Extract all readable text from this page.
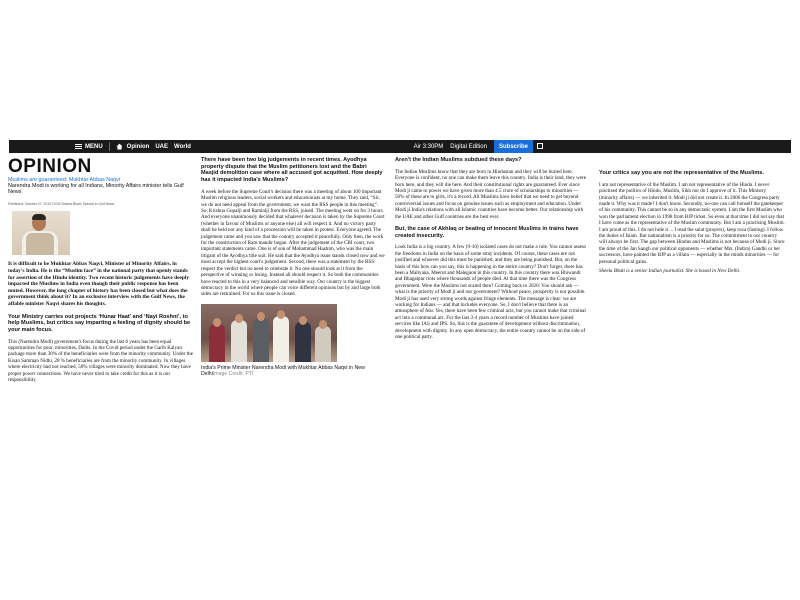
MENU	Opinion UAE World	Air 3:30PM Digital Edition	Subscribe
OPINION
Muslims are guaranteed: Mukhtar Abbas Naqvi
Narendra Modi is working for all Indians, Minority Affairs minister tells Gulf News
Published: October 07, 2019 19:03 Sheela Bhatt, Special to Gulf News

It is difficult to be Mukhtar Abbas Naqvi, Minister of Minority Affairs, in today's India. He is the “Muslim face” in the national party that openly stands for assertion of the Hindu identity. Two recent historic judgements have deeply impacted the Muslims in India even though their public response has been muted. However, the long chapter of history has been closed but what does the government think about it? In an exclusive interview with the Gulf News, the affable minister Naqvi shares his thoughts.

Your Ministry carries out projects ‘Hunar Haat’ and ‘Nayi Roshni’, to help Muslims, but critics say imparting a feeling of dignity should be your main focus.

This (Narendra Modi) government's focus during the last 6 years has been equal opportunities for poor, minorities, Dalits. In the Covid period under the Garib Kalyan package more than 30% of the beneficiaries were from the minority community. Under the Kisan Samman Nidhi, 28 % beneficiaries are from the minority community. In villages where electricity had not reached, 50% villages were minority dominated. Now they have proper power connections. We have never tried to take credit for this as it is our responsibility.

There have been two big judgements in recent times. Ayodhya property dispute that the Muslim petitioners lost and the Babri Masjid demolition case where all accused got acquitted. How deeply has it impacted India's Muslims?

A week before the Supreme Court's decision there was a meeting of about 100 important Muslim religious leaders, social workers and educationists at my home. They said, “Sir, we do not need appeal from the government, we want the RSS people in this meeting”. So, Krishna Gopalji and Ramlalji from the RSS, joined. The meeting went on for 3 hours. And everyone unanimously decided that whatever decision is taken by the Supreme Court (whether in favour of Muslims or anyone else) all will respect it. And no victory party shall be held nor any kind of a procession will be taken in protest. Everyone agreed. The judgement came and you saw that the country accepted it peacefully. Only then, the work for the construction of Ram mandir began. After the judgement of the CBI court, two important statements came. One is of son of Mohammad Hashim, who was the main litigant of the Ayodhya title suit. He said that the Ayodhya issue stands closed now and we must accept the highest court's judgement. Second, there was a statement by the RSS: respect the verdict but no need to celebrate it. No one should look at it from the perspective of winning or losing. Instead all should respect it. So both the communities have reacted to this in a very balanced and sensible way. Our country is the biggest democracy in the world where people can voice different opinions but by and large both sides are restrained. For us this issue is closed.

India's Prime Minister Narendra Modi with Mukhtar Abbas Naqvi in New DelhiImage Credit: PTI
Aren't the Indian Muslims subdued these days?

The Indian Muslims know that they are born in Hindustan and they will be buried here. Everyone is confident, no one can make them leave this country. India is their land, they were born here, and they will die here. And their constitutional rights are guaranteed. Ever since Modi ji came to power we have given more than 4.5 crore of scholarships to minorities — 50% of these are to girls, it's a record. All Muslims have belief that we need to get beyond controversial issues and focus on genuine issues such as employment and education. Under Modi ji India's relations with all Islamic countries have become better. Our relationship with the UAE and other Gulf countries are the best ever.

But, the case of Akhlaq or beating of innocent Muslims in trains have created insecurity.

Look India is a big country. A few (9-10) isolated cases do not make a rule. You cannot assess the freedoms in India on the basis of some stray incidents. Of course, these cases are not justified and whoever did this must be punished, and they are being punished. But, on the basis of this how can you say, this is happening in the entire country? Don't forget, there has been a Maliyana, Meerut and Malegaon in this country. In this country there was Bhiwandi and Bhagalpur riots where thousands of people died. At that time there was the Congress government. Were the Muslims not scared then? Coming back to 2020: You should ask — what is the priority of Modi ji and our government? Without peace, prosperity is not possible. Modi ji has used very strong words against fringe elements. The message is clear: we are working for Indians — and that includes everyone. So, I don't believe that there is an atmosphere of fear. Yes, there have been few criminal acts, but you cannot make that criminal act into a communal act. For the last 3-4 years a record number of Muslims have joined services like IAS and IPS. So, this is the guarantee of development without discrimination, development with dignity. In any open democracy, the entire country cannot be on the side of one political party.

Your critics say you are not the representative of the Muslims.

I am not representative of the Muslim. I am not representative of the Hindu. I never practised the politics of Hindu, Muslim, Sikh nor do I approve of it. This Ministry (minority affairs) — we inherited it. Modi ji did not create it. In 2006 the Congress party made it. Why was it made? I don't know. Secondly, no-one can call himself the gatekeeper of his community. This cannot be so in any democratic system. I am the first Muslim who won the parliament election in 1998 from BJP ticket. So even at that time I did not say that I have come as the representative of the Muslim community. But I am a practising Muslim. I am proud of this. I do not hide it ... I read the salat (prayers), keep roza (fasting). I follow the duties of Islam. But nationalism is a priority for us. The commitment to our country will always be first. The gap between Hindus and Muslims is not because of Modi ji. Since the time of the Jan Sangh our political opponents — whether Mrs. (Indira) Gandhi or her successors, have painted the BJP as a villain — especially in the minds minorities — for personal political gains.

Sheela Bhatt is a senior Indian journalist. She is based in New Delhi.
